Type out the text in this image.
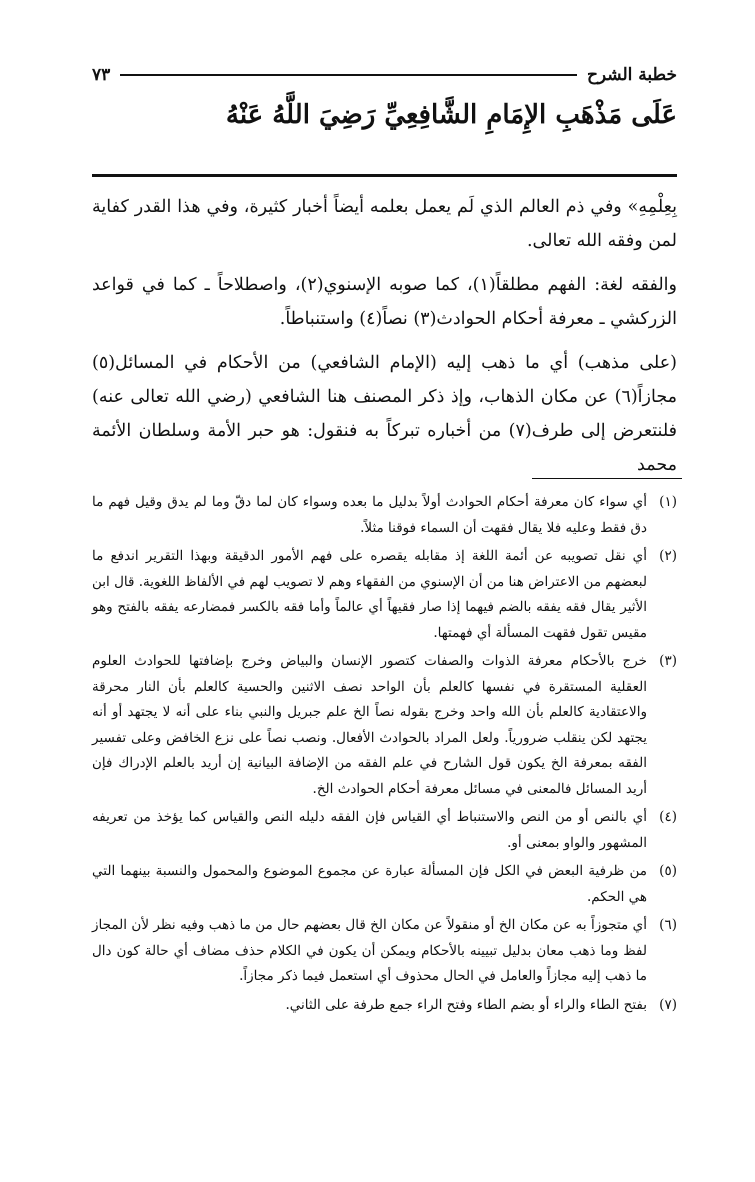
خطبة الشرح
٧٣
عَلَى مَذْهَبِ الإِمَامِ الشَّافِعِيِّ رَضِيَ اللَّهُ عَنْهُ

بِعِلْمِهِ» وفي ذم العالم الذي لَم يعمل بعلمه أيضاً أخبار كثيرة، وفي هذا القدر كفاية لمن وفقه الله تعالى.

والفقه لغة: الفهم مطلقاً(١)، كما صوبه الإسنوي(٢)، واصطلاحاً ـ كما في قواعد الزركشي ـ معرفة أحكام الحوادث(٣) نصاً(٤) واستنباطاً.

(على مذهب) أي ما ذهب إليه (الإمام الشافعي) من الأحكام في المسائل(٥) مجازاً(٦) عن مكان الذهاب، وإذ ذكر المصنف هنا الشافعي (رضي الله تعالى عنه) فلنتعرض إلى طرف(٧) من أخباره تبركاً به فنقول: هو حبر الأمة وسلطان الأئمة محمد

(١)
أي سواء كان معرفة أحكام الحوادث أولاً بدليل ما بعده وسواء كان لما دقّ وما لم يدق وقيل فهم ما دق فقط وعليه فلا يقال فقهت أن السماء فوقنا مثلاً.
(٢)
أي نقل تصويبه عن أئمة اللغة إذ مقابله يقصره على فهم الأمور الدقيقة وبهذا التقرير اندفع ما لبعضهم من الاعتراض هنا من أن الإسنوي من الفقهاء وهم لا تصويب لهم في الألفاظ اللغوية. قال ابن الأثير يقال فقه يفقه بالضم فيهما إذا صار فقيهاً أي عالماً وأما فقه بالكسر فمضارعه يفقه بالفتح وهو مقيس تقول فقهت المسألة أي فهمتها.
(٣)
خرج بالأحكام معرفة الذوات والصفات كتصور الإنسان والبياض وخرج بإضافتها للحوادث العلوم العقلية المستقرة في نفسها كالعلم بأن الواحد نصف الاثنين والحسية كالعلم بأن النار محرقة والاعتقادية كالعلم بأن الله واحد وخرج بقوله نصاً الخ علم جبريل والنبي بناء على أنه لا يجتهد أو أنه يجتهد لكن ينقلب ضرورياً. ولعل المراد بالحوادث الأفعال. ونصب نصاً على نزع الخافض وعلى تفسير الفقه بمعرفة الخ يكون قول الشارح في علم الفقه من الإضافة البيانية إن أريد بالعلم الإدراك فإن أريد المسائل فالمعنى في مسائل معرفة أحكام الحوادث الخ.
(٤)
أي بالنص أو من النص والاستنباط أي القياس فإن الفقه دليله النص والقياس كما يؤخذ من تعريفه المشهور والواو بمعنى أو.
(٥)
من ظرفية البعض في الكل فإن المسألة عبارة عن مجموع الموضوع والمحمول والنسبة بينهما التي هي الحكم.
(٦)
أي متجوزاً به عن مكان الخ أو منقولاً عن مكان الخ قال بعضهم حال من ما ذهب وفيه نظر لأن المجاز لفظ وما ذهب معان بدليل تبيينه بالأحكام ويمكن أن يكون في الكلام حذف مضاف أي حالة كون دال ما ذهب إليه مجازاً والعامل في الحال محذوف أي استعمل فيما ذكر مجازاً.
(٧)
بفتح الطاء والراء أو بضم الطاء وفتح الراء جمع طرفة على الثاني.
